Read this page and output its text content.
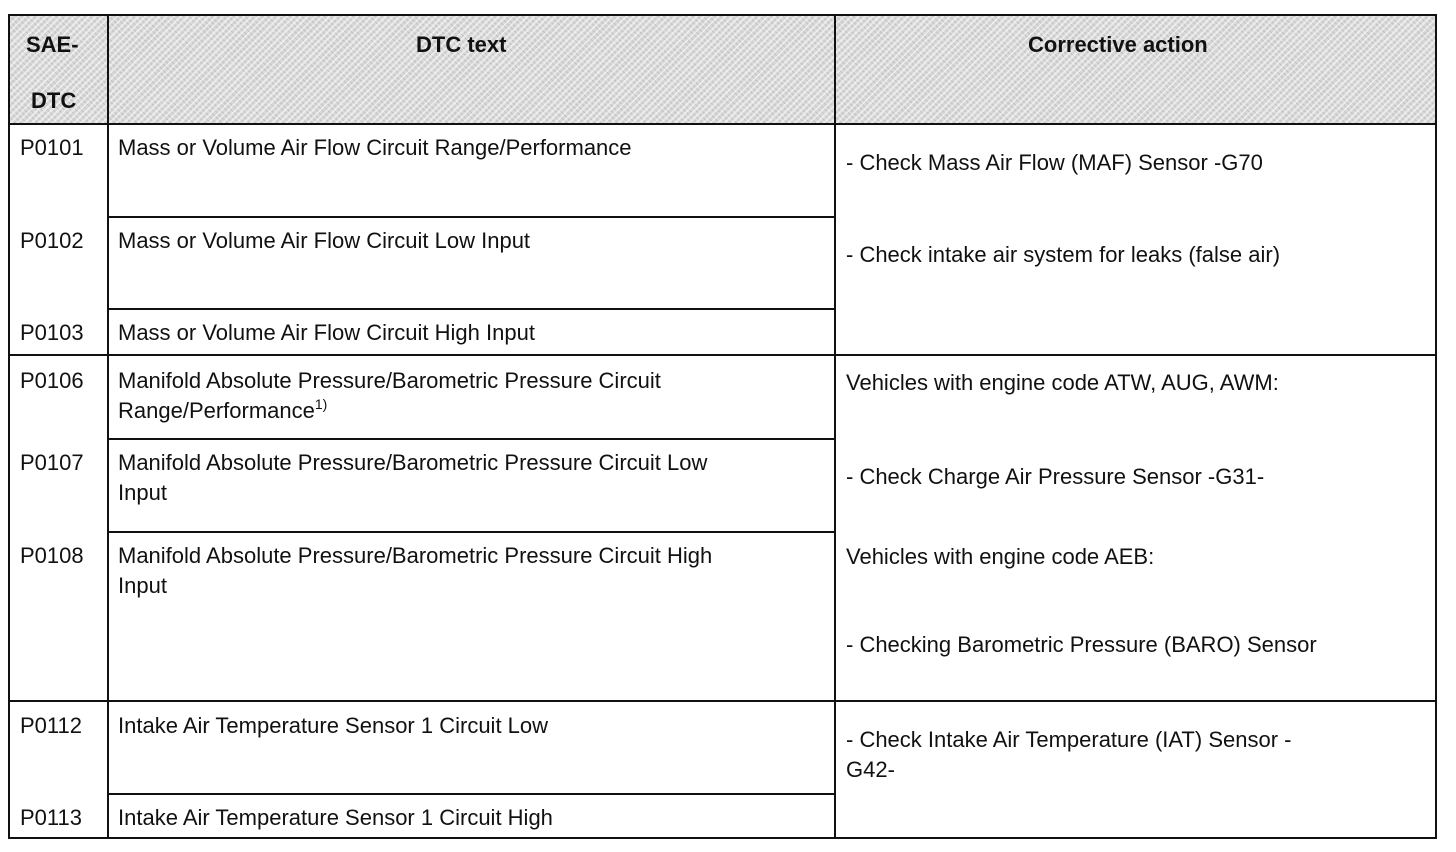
SAE-
DTC
DTC text	Corrective action
P0101
P0102
P0103
P0106
P0107
P0108
P0112
P0113
Mass or Volume Air Flow Circuit Range/Performance
Mass or Volume Air Flow Circuit Low Input
Mass or Volume Air Flow Circuit High Input
Manifold Absolute Pressure/Barometric Pressure Circuit
Range/Performance$^{1)}$
Manifold Absolute Pressure/Barometric Pressure Circuit Low
Input
Manifold Absolute Pressure/Barometric Pressure Circuit High
Input
Intake Air Temperature Sensor 1 Circuit Low
Intake Air Temperature Sensor 1 Circuit High
- Check Mass Air Flow (MAF) Sensor -G70
- Check intake air system for leaks (false air)
Vehicles with engine code ATW, AUG, AWM:
- Check Charge Air Pressure Sensor -G31-
Vehicles with engine code AEB:
- Checking Barometric Pressure (BARO) Sensor
- Check Intake Air Temperature (IAT) Sensor -
G42-
